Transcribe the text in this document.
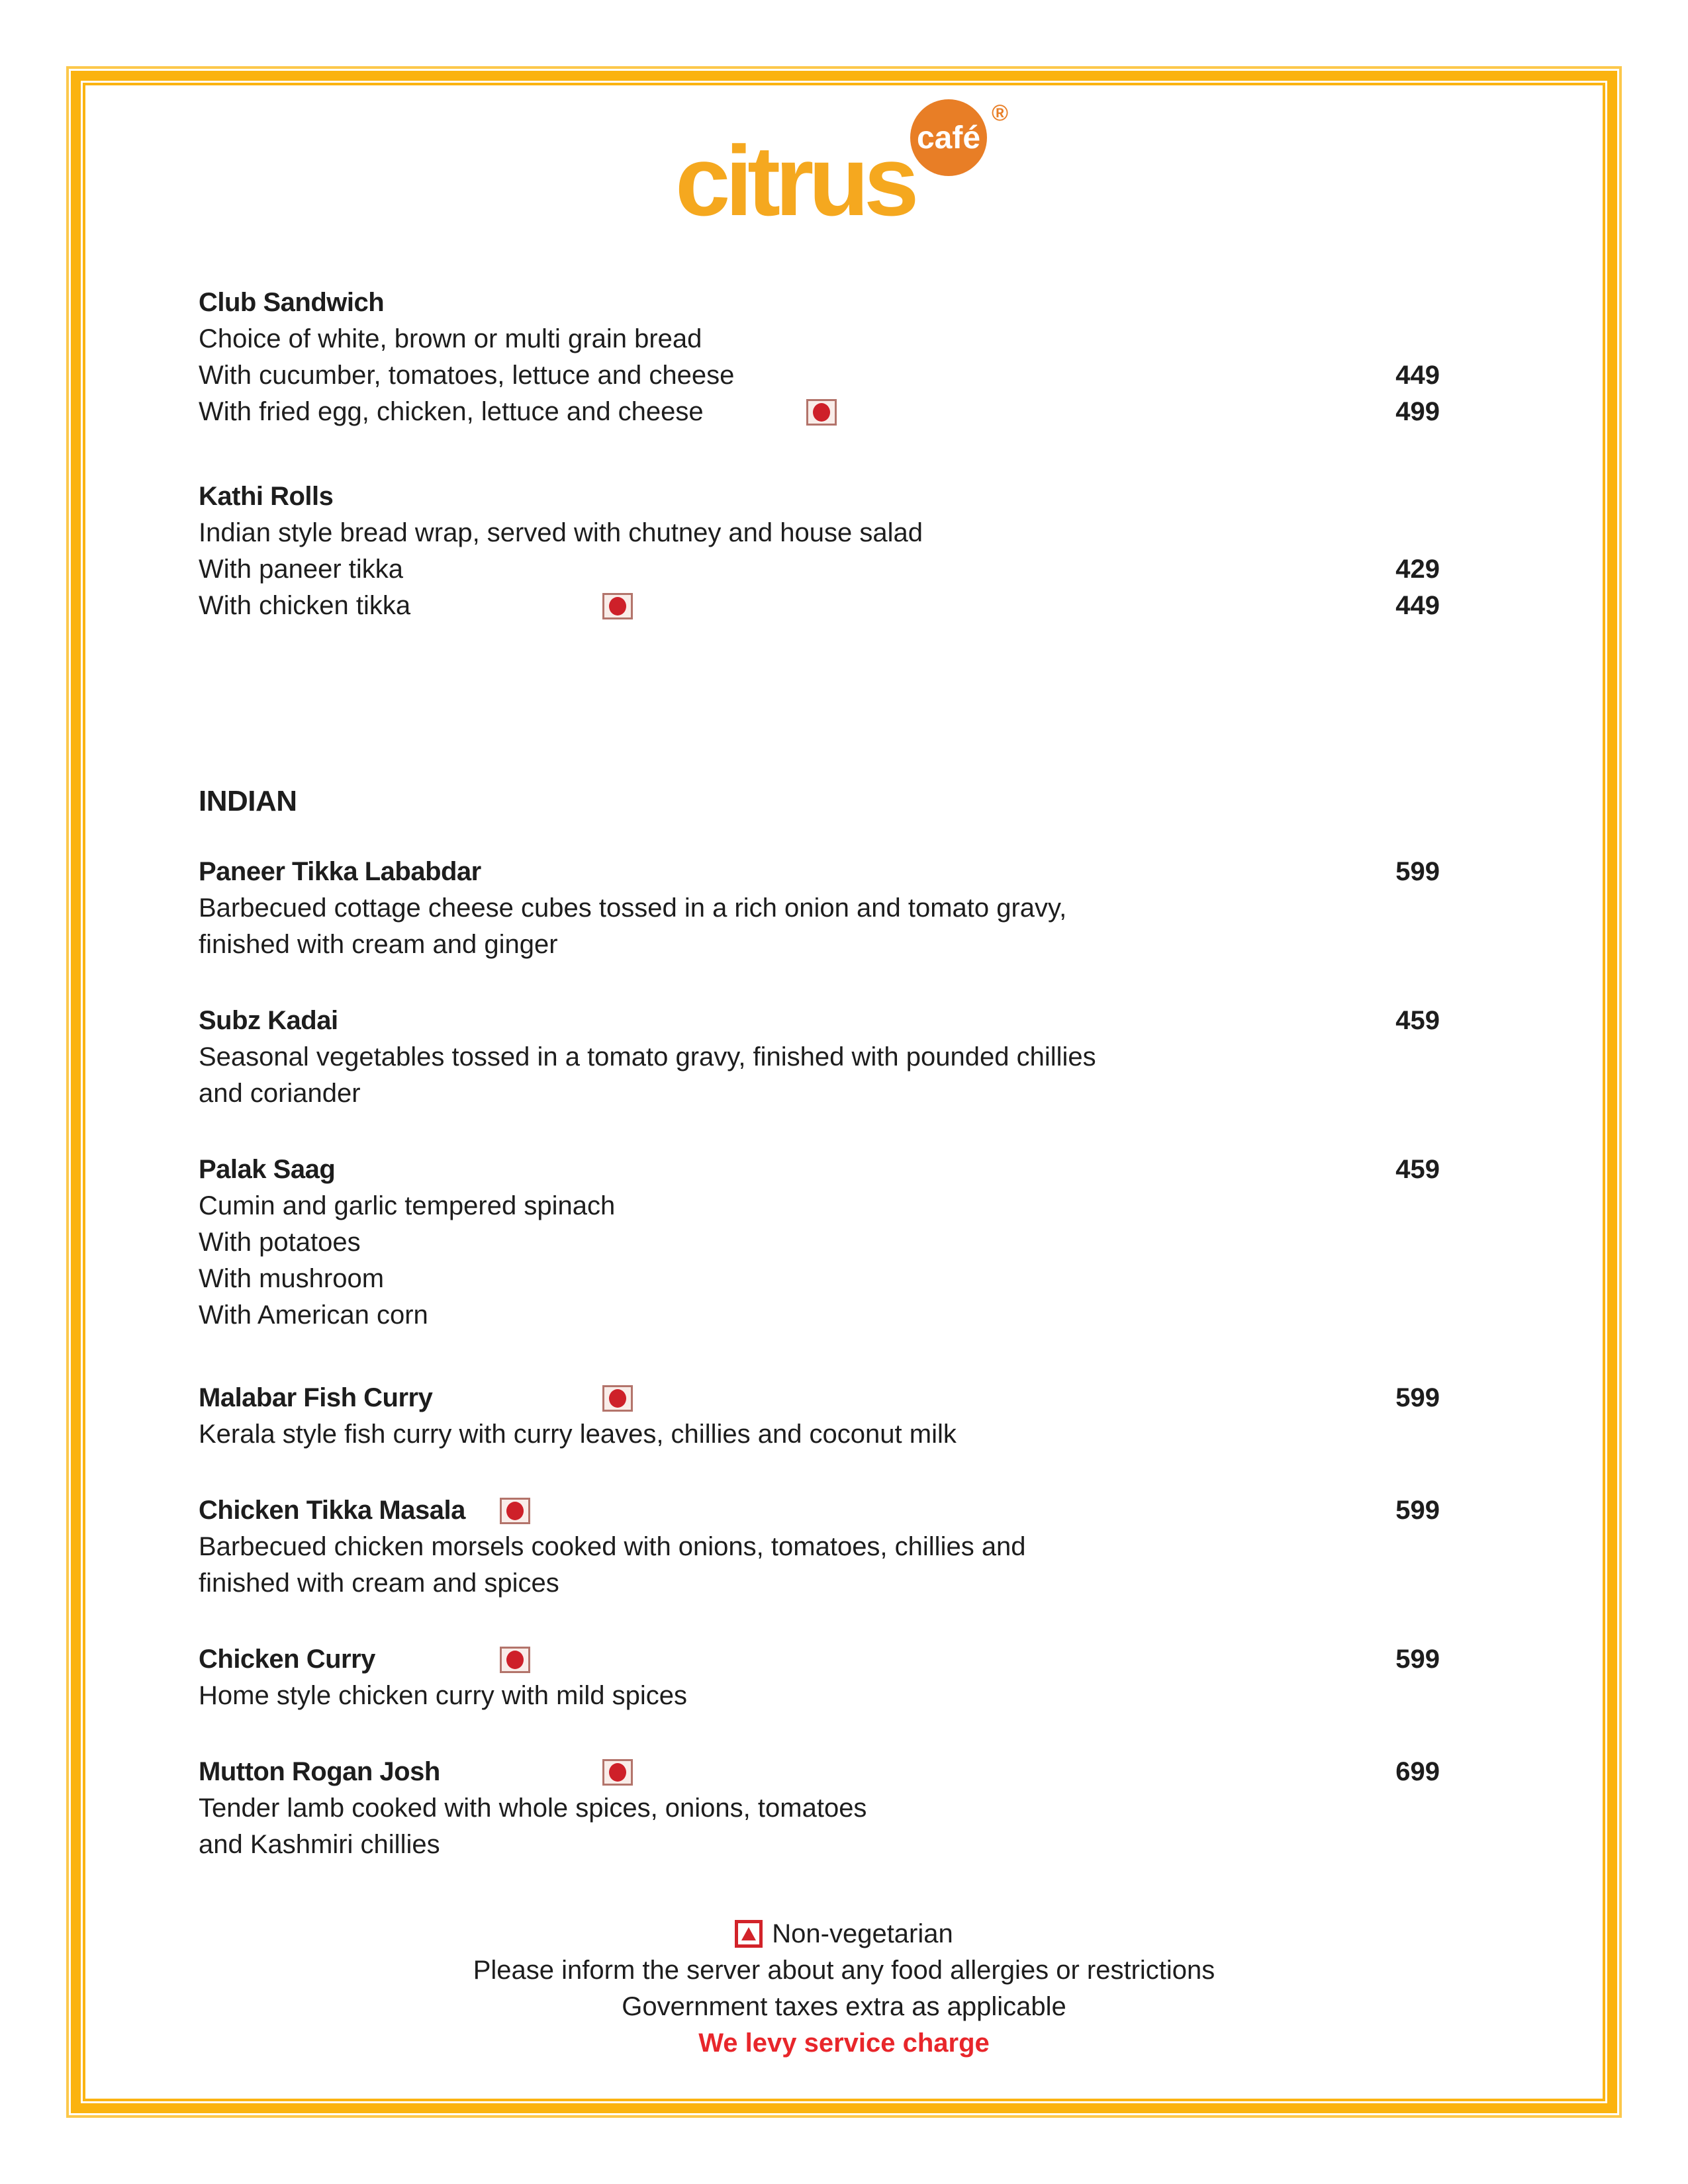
café
citrus
®
Club Sandwich
Choice of white, brown or multi grain bread
With cucumber, tomatoes, lettuce and cheese	449
With fried egg, chicken, lettuce and cheese	499
Kathi Rolls
Indian style bread wrap, served with chutney and house salad
With paneer tikka	429
With chicken tikka	449
INDIAN
Paneer Tikka Lababdar	599
Barbecued cottage cheese cubes tossed in a rich onion and tomato gravy,
finished with cream and ginger
Subz Kadai	459
Seasonal vegetables tossed in a tomato gravy, finished with pounded chillies
and coriander
Palak Saag	459
Cumin and garlic tempered spinach
With potatoes
With mushroom
With American corn
Malabar Fish Curry	599
Kerala style fish curry with curry leaves, chillies and coconut milk
Chicken Tikka Masala	599
Barbecued chicken morsels cooked with onions, tomatoes, chillies and
finished with cream and spices
Chicken Curry	599
Home style chicken curry with mild spices
Mutton Rogan Josh	699
Tender lamb cooked with whole spices, onions, tomatoes
and Kashmiri chillies
Non-vegetarian
Please inform the server about any food allergies or restrictions
Government taxes extra as applicable
We levy service charge
